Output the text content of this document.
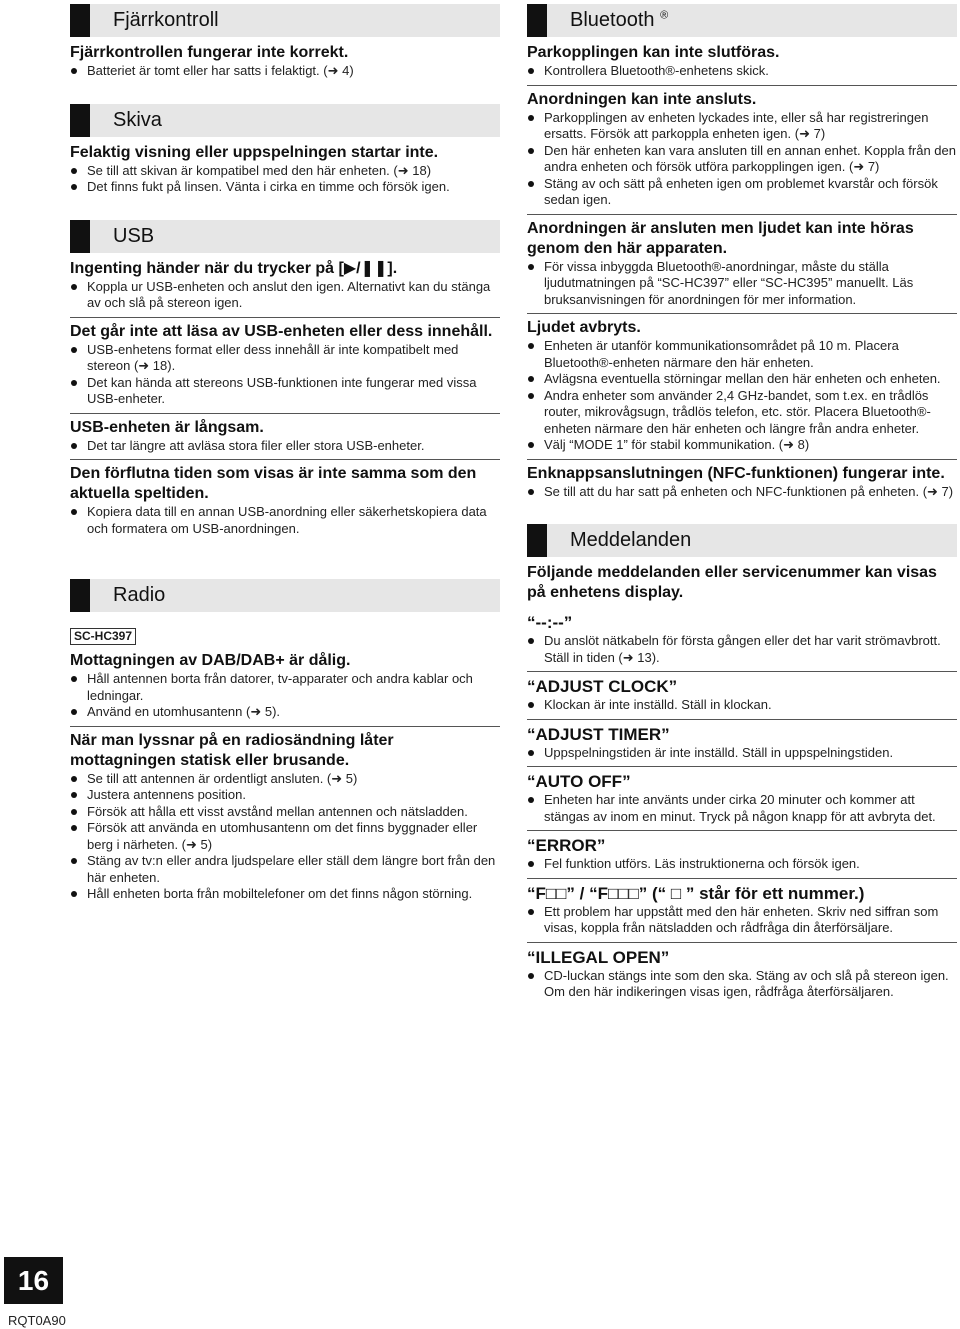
Fjärrkontroll

Fjärrkontrollen fungerar inte korrekt.

Batteriet är tomt eller har satts i felaktigt. (➜ 4)
Skiva

Felaktig visning eller uppspelningen startar inte.

Se till att skivan är kompatibel med den här enheten. (➜ 18)
Det finns fukt på linsen. Vänta i cirka en timme och försök igen.
USB

Ingenting händer när du trycker på [▶/❚❚].

Koppla ur USB-enheten och anslut den igen. Alternativt kan du stänga av och slå på stereon igen.

Det går inte att läsa av USB-enheten eller dess innehåll.

USB-enhetens format eller dess innehåll är inte kompatibelt med stereon (➜ 18).
Det kan hända att stereons USB-funktionen inte fungerar med vissa USB-enheter.

USB-enheten är långsam.

Det tar längre att avläsa stora filer eller stora USB-enheter.

Den förflutna tiden som visas är inte samma som den aktuella speltiden.

Kopiera data till en annan USB-anordning eller säkerhetskopiera data och formatera om USB-anordningen.
Radio
SC-HC397

Mottagningen av DAB/DAB+ är dålig.

Håll antennen borta från datorer, tv-apparater och andra kablar och ledningar.
Använd en utomhusantenn (➜ 5).

När man lyssnar på en radiosändning låter mottagningen statisk eller brusande.

Se till att antennen är ordentligt ansluten. (➜ 5)
Justera antennens position.
Försök att hålla ett visst avstånd mellan antennen och nätsladden.
Försök att använda en utomhusantenn om det finns byggnader eller berg i närheten. (➜ 5)
Stäng av tv:n eller andra ljudspelare eller ställ dem längre bort från den här enheten.
Håll enheten borta från mobiltelefoner om det finns någon störning.
Bluetooth ®

Parkopplingen kan inte slutföras.

Kontrollera Bluetooth®-enhetens skick.

Anordningen kan inte ansluts.

Parkopplingen av enheten lyckades inte, eller så har registreringen ersatts. Försök att parkoppla enheten igen. (➜ 7)
Den här enheten kan vara ansluten till en annan enhet. Koppla från den andra enheten och försök utföra parkopplingen igen. (➜ 7)
Stäng av och sätt på enheten igen om problemet kvarstår och försök sedan igen.

Anordningen är ansluten men ljudet kan inte höras genom den här apparaten.

För vissa inbyggda Bluetooth®-anordningar, måste du ställa ljudutmatningen på “SC-HC397” eller “SC-HC395” manuellt. Läs bruksanvisningen för anordningen för mer information.

Ljudet avbryts.

Enheten är utanför kommunikationsområdet på 10 m. Placera Bluetooth®-enheten närmare den här enheten.
Avlägsna eventuella störningar mellan den här enheten och enheten.
Andra enheter som använder 2,4 GHz-bandet, som t.ex. en trådlös router, mikrovågsugn, trådlös telefon, etc. stör. Placera Bluetooth®-enheten närmare den här enheten och längre från andra enheter.
Välj “MODE 1” för stabil kommunikation. (➜ 8)

Enknappsanslutningen (NFC-funktionen) fungerar inte.

Se till att du har satt på enheten och NFC-funktionen på enheten. (➜ 7)
Meddelanden

Följande meddelanden eller servicenummer kan visas på enhetens display.

“--:--”
Du anslöt nätkabeln för första gången eller det har varit strömavbrott. Ställ in tiden (➜ 13).
“ADJUST CLOCK”
Klockan är inte inställd. Ställ in klockan.
“ADJUST TIMER”
Uppspelningstiden är inte inställd. Ställ in uppspelningstiden.
“AUTO OFF”
Enheten har inte använts under cirka 20 minuter och kommer att stängas av inom en minut. Tryck på någon knapp för att avbryta det.
“ERROR”
Fel funktion utförs. Läs instruktionerna och försök igen.
“F□□” / “F□□□” (“ □ ” står för ett nummer.)
Ett problem har uppstått med den här enheten. Skriv ned siffran som visas, koppla från nätsladden och rådfråga din återförsäljare.
“ILLEGAL OPEN”
CD-luckan stängs inte som den ska. Stäng av och slå på stereon igen. Om den här indikeringen visas igen, rådfråga återförsäljaren.
16
RQT0A90
